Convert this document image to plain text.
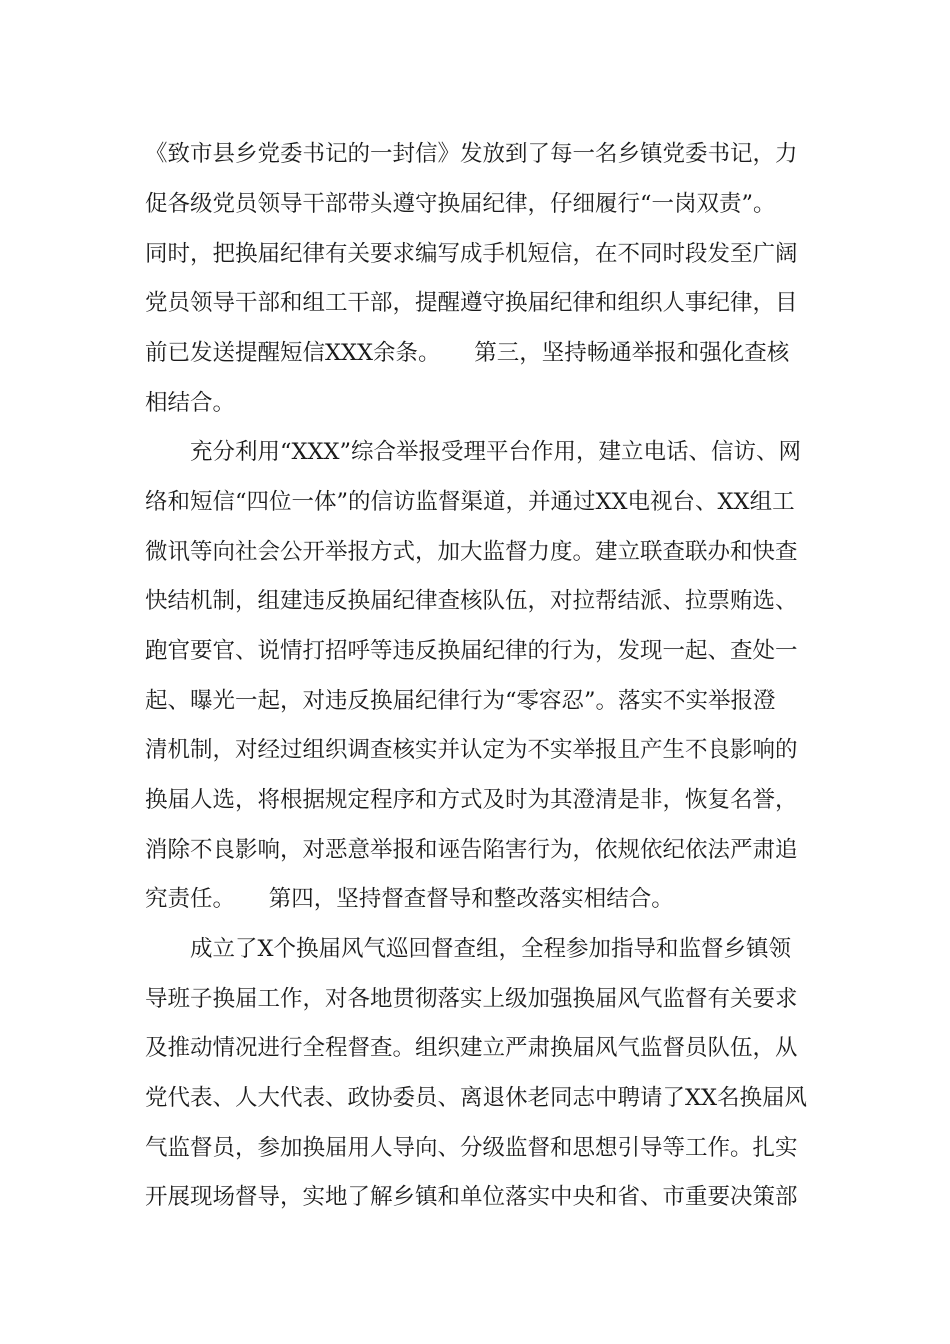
《致市县乡党委书记的一封信》发放到了每一名乡镇党委书记，力
促各级党员领导干部带头遵守换届纪律，仔细履行“一岗双责”。
同时，把换届纪律有关要求编写成手机短信，在不同时段发至广阔
党员领导干部和组工干部，提醒遵守换届纪律和组织人事纪律，目
前已发送提醒短信XXX余条。　　第三，坚持畅通举报和强化查核
相结合。
充分利用“XXX”综合举报受理平台作用，建立电话、信访、网
络和短信“四位一体”的信访监督渠道，并通过XX电视台、XX组工
微讯等向社会公开举报方式，加大监督力度。建立联查联办和快查
快结机制，组建违反换届纪律查核队伍，对拉帮结派、拉票贿选、
跑官要官、说情打招呼等违反换届纪律的行为，发现一起、查处一
起、曝光一起，对违反换届纪律行为“零容忍”。落实不实举报澄
清机制，对经过组织调查核实并认定为不实举报且产生不良影响的
换届人选，将根据规定程序和方式及时为其澄清是非，恢复名誉，
消除不良影响，对恶意举报和诬告陷害行为，依规依纪依法严肃追
究责任。　　第四，坚持督查督导和整改落实相结合。
成立了X个换届风气巡回督查组，全程参加指导和监督乡镇领
导班子换届工作，对各地贯彻落实上级加强换届风气监督有关要求
及推动情况进行全程督查。组织建立严肃换届风气监督员队伍，从
党代表、人大代表、政协委员、离退休老同志中聘请了XX名换届风
气监督员，参加换届用人导向、分级监督和思想引导等工作。扎实
开展现场督导，实地了解乡镇和单位落实中央和省、市重要决策部
